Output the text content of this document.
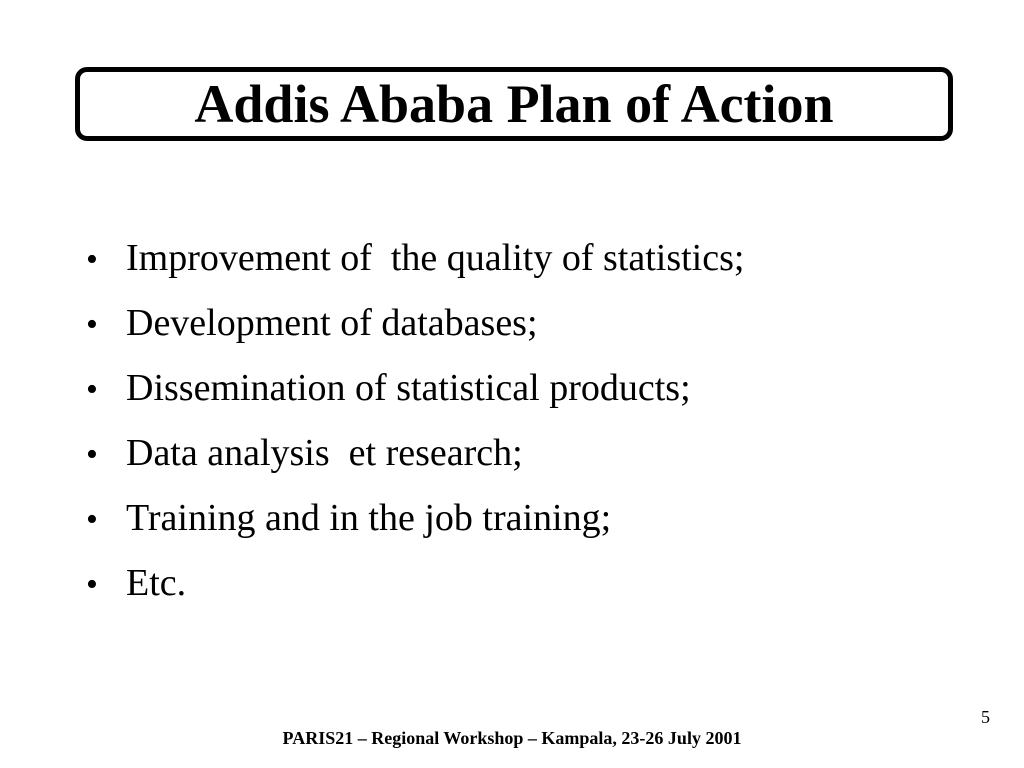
Addis Ababa Plan of Action
• Improvement of  the quality of statistics;
• Development of databases;
• Dissemination of statistical products;
• Data analysis  et research;
• Training and in the job training;
• Etc.
5
PARIS21 – Regional Workshop – Kampala, 23-26 July 2001
